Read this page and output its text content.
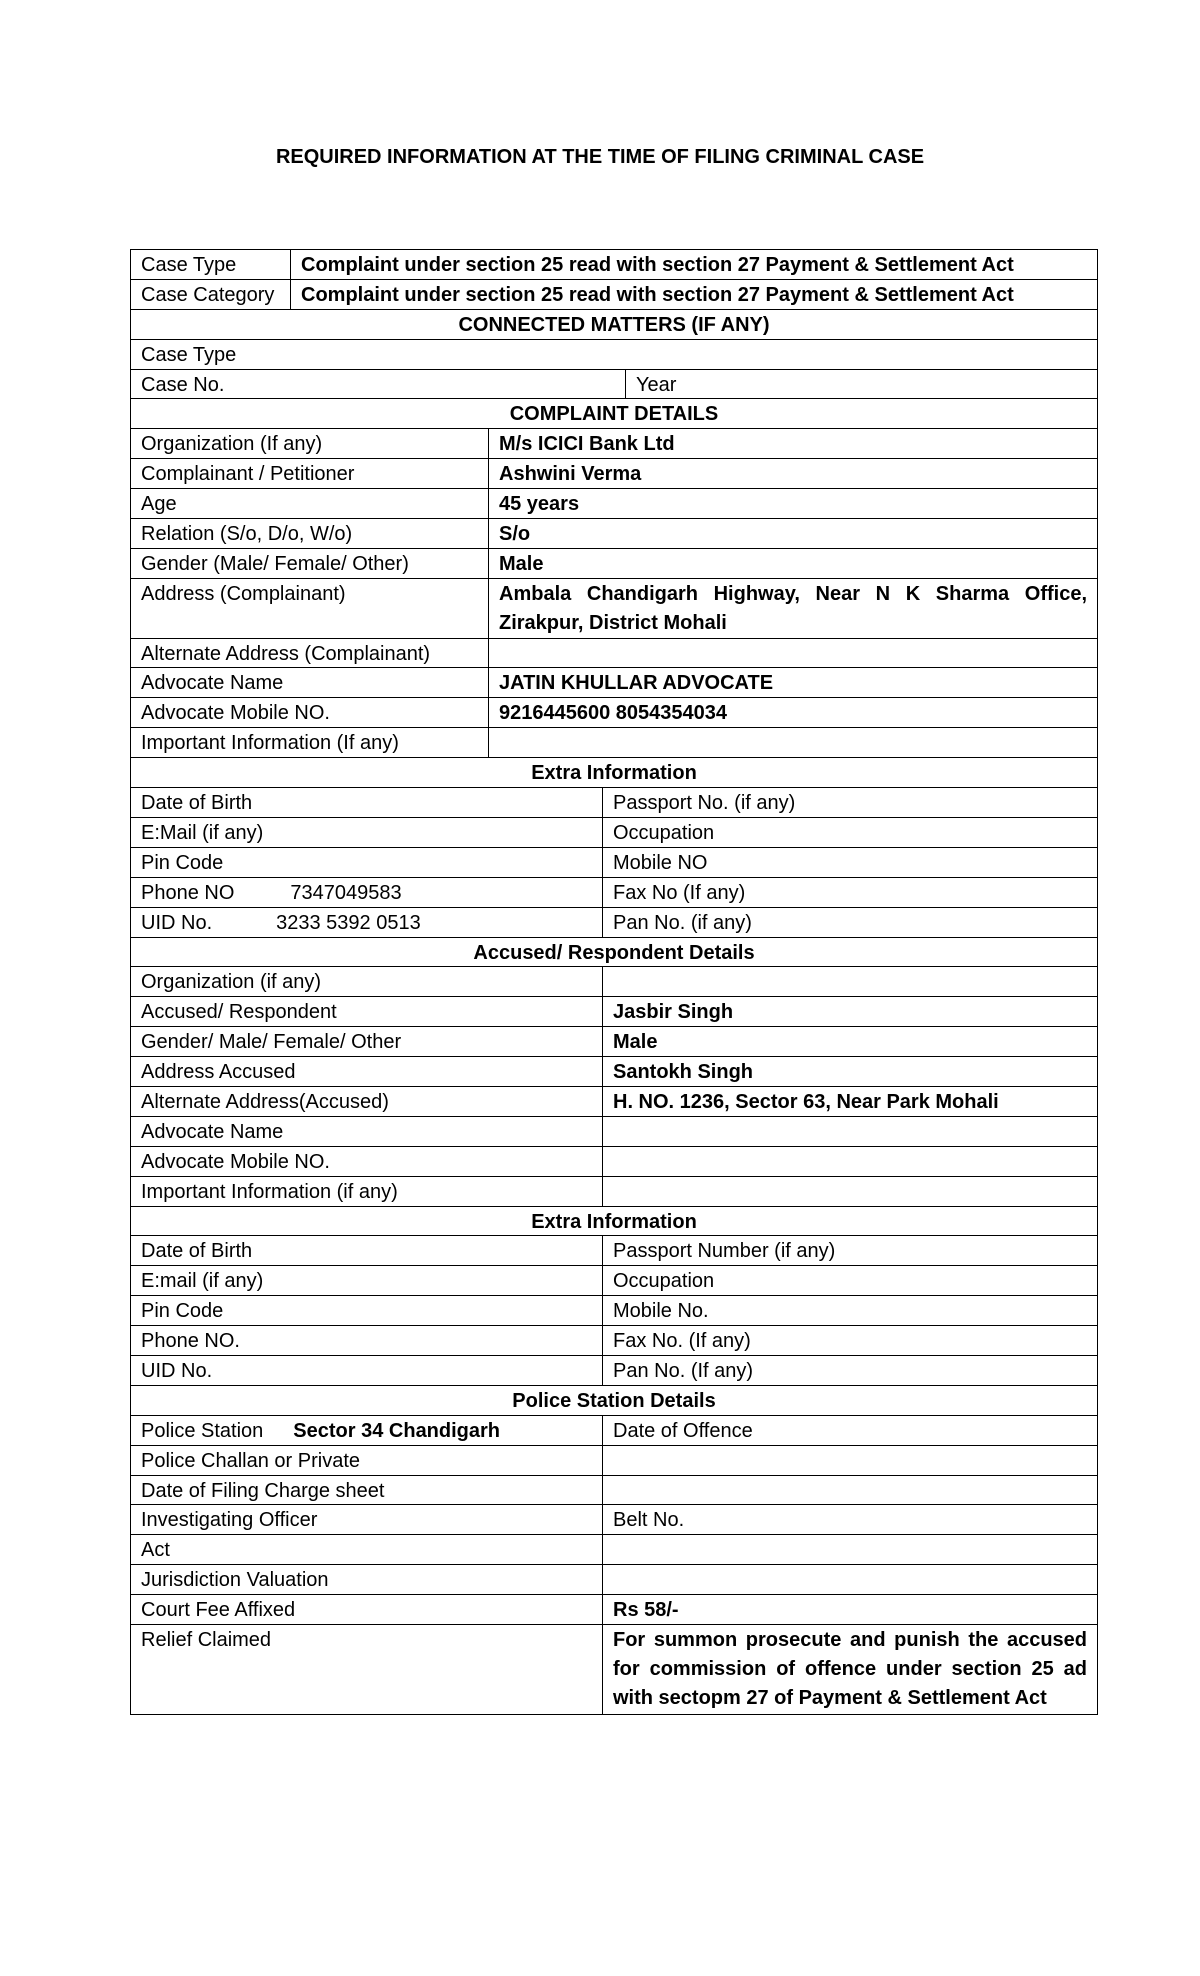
REQUIRED INFORMATION AT THE TIME OF FILING CRIMINAL CASE
Case Type	Complaint under section 25 read with section 27 Payment & Settlement Act
Case Category	Complaint under section 25 read with section 27 Payment & Settlement Act
CONNECTED MATTERS (IF ANY)
Case Type
Case No.	Year
COMPLAINT DETAILS
Organization (If any)	M/s ICICI Bank Ltd
Complainant / Petitioner	Ashwini Verma
Age	45 years
Relation (S/o, D/o, W/o)	S/o
Gender (Male/ Female/ Other)	Male
Address (Complainant)	Ambala Chandigarh Highway, Near N K Sharma Office, Zirakpur, District Mohali
Alternate Address (Complainant)
Advocate Name	JATIN KHULLAR ADVOCATE
Advocate Mobile NO.	9216445600 8054354034
Important Information (If any)
Extra Information
Date of Birth	Passport No. (if any)
E:Mail (if any)	Occupation
Pin Code	Mobile NO
Phone NO	7347049583	Fax No (If any)
UID No.	3233 5392 0513	Pan No. (if any)
Accused/ Respondent Details
Organization (if any)
Accused/ Respondent	Jasbir Singh
Gender/ Male/ Female/ Other	Male
Address Accused	Santokh Singh
Alternate Address(Accused)	H. NO. 1236, Sector 63, Near Park Mohali
Advocate Name
Advocate Mobile NO.
Important Information (if any)
Extra Information
Date of Birth	Passport Number (if any)
E:mail (if any)	Occupation
Pin Code	Mobile No.
Phone NO.	Fax No. (If any)
UID No.	Pan No. (If any)
Police Station Details
Police Station Sector 34 Chandigarh	Date of Offence
Police Challan or Private
Date of Filing Charge sheet
Investigating Officer	Belt No.
Act
Jurisdiction Valuation
Court Fee Affixed	Rs 58/-
Relief Claimed	For summon prosecute and punish the accused for commission of offence under section 25 ad with sectopm 27 of Payment & Settlement Act
